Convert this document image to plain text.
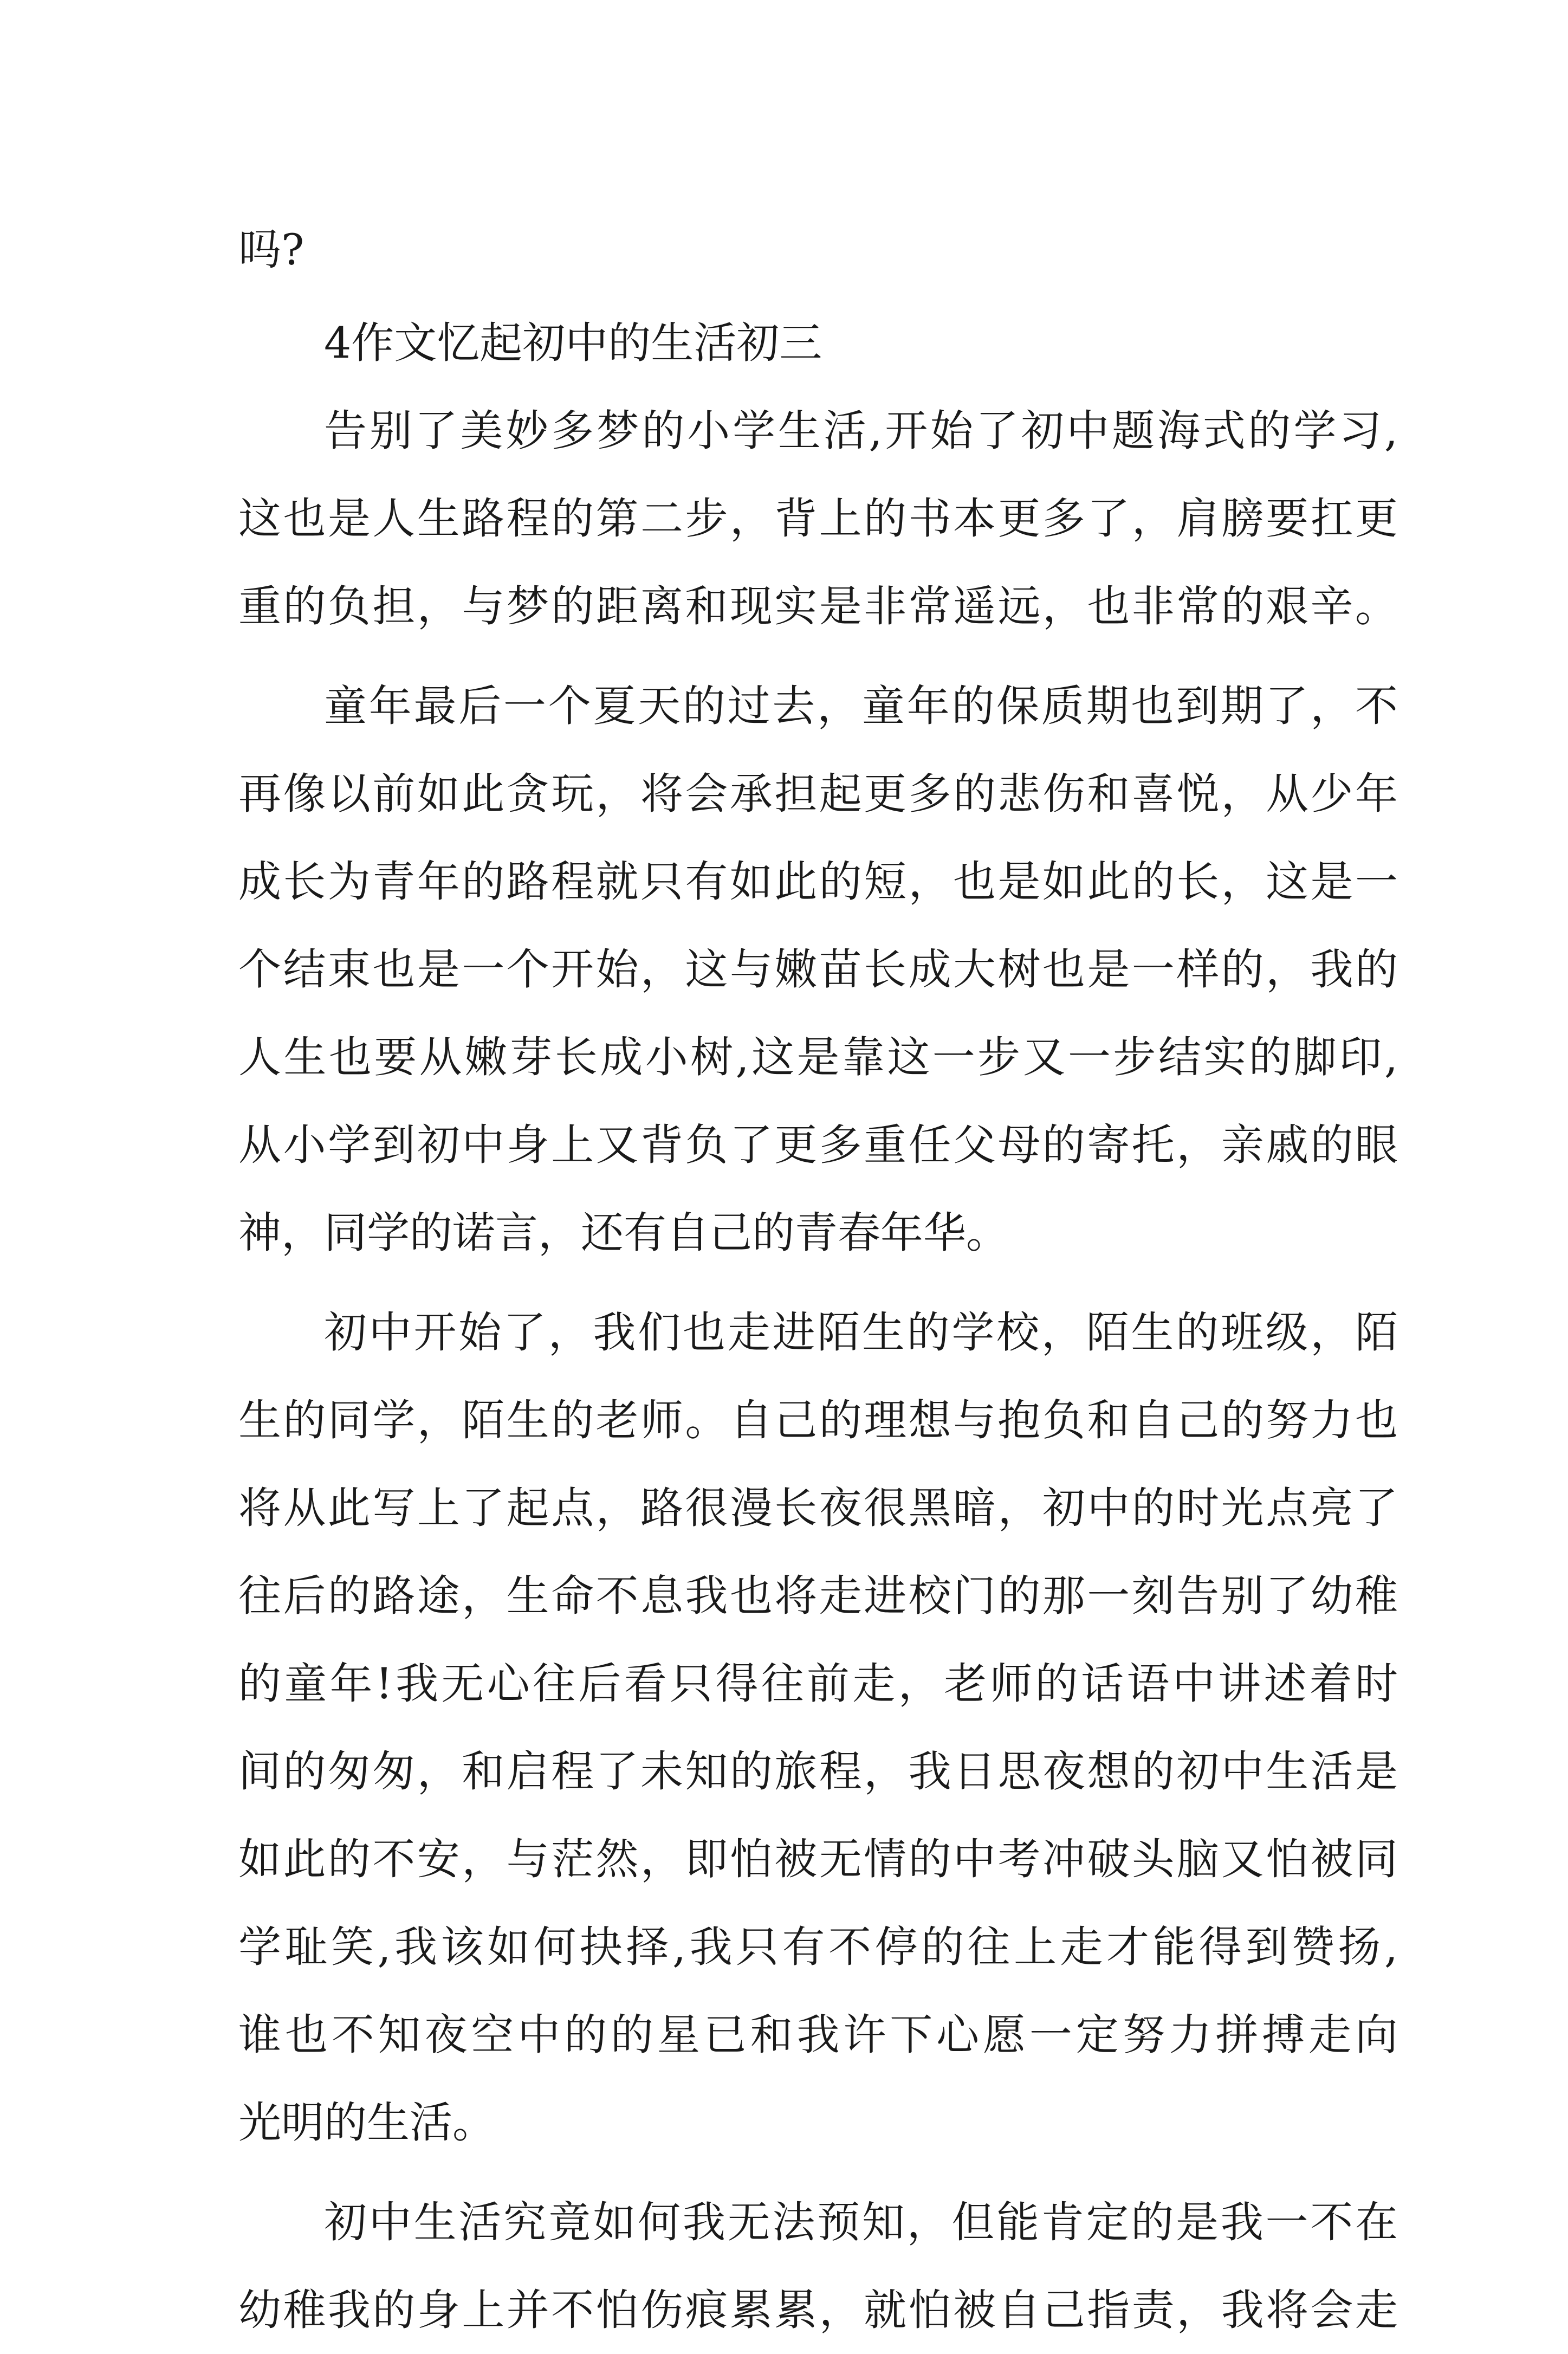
吗?
4作文忆起初中的生活初三
告别了美妙多梦的小学生活,开始了初中题海式的学习,
这也是人生路程的第二步，背上的书本更多了，肩膀要扛更
重的负担，与梦的距离和现实是非常遥远，也非常的艰辛。
童年最后一个夏天的过去，童年的保质期也到期了，不
再像以前如此贪玩，将会承担起更多的悲伤和喜悦，从少年
成长为青年的路程就只有如此的短，也是如此的长，这是一
个结束也是一个开始，这与嫩苗长成大树也是一样的，我的
人生也要从嫩芽长成小树,这是靠这一步又一步结实的脚印,
从小学到初中身上又背负了更多重任父母的寄托，亲戚的眼
神，同学的诺言，还有自己的青春年华。
初中开始了，我们也走进陌生的学校，陌生的班级，陌
生的同学，陌生的老师。自己的理想与抱负和自己的努力也
将从此写上了起点，路很漫长夜很黑暗，初中的时光点亮了
往后的路途，生命不息我也将走进校门的那一刻告别了幼稚
的童年!我无心往后看只得往前走，老师的话语中讲述着时
间的匆匆，和启程了未知的旅程，我日思夜想的初中生活是
如此的不安，与茫然，即怕被无情的中考冲破头脑又怕被同
学耻笑,我该如何抉择,我只有不停的往上走才能得到赞扬,
谁也不知夜空中的的星已和我许下心愿一定努力拼搏走向
光明的生活。
初中生活究竟如何我无法预知，但能肯定的是我一不在
幼稚我的身上并不怕伤痕累累，就怕被自己指责，我将会走
